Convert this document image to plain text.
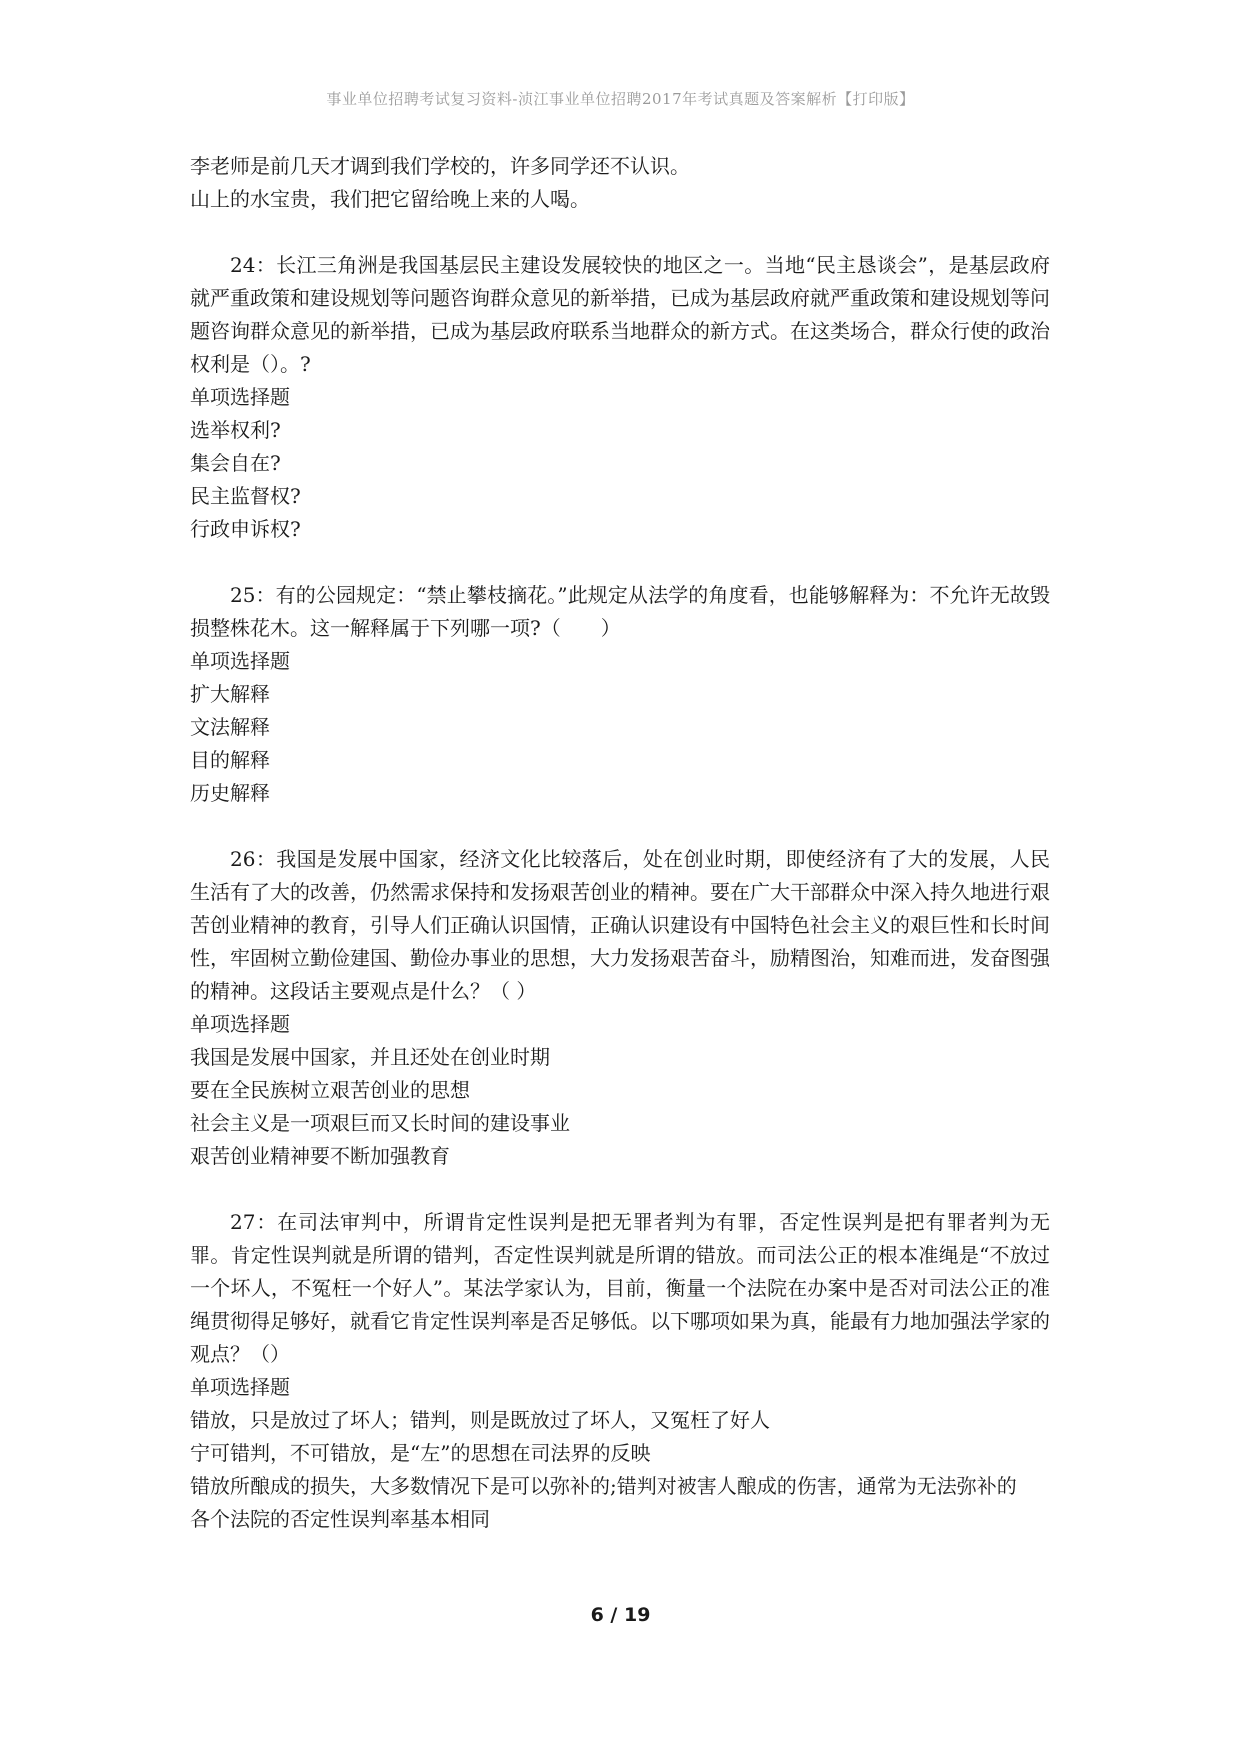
事业单位招聘考试复习资料-浈江事业单位招聘2017年考试真题及答案解析【打印版】

李老师是前几天才调到我们学校的，许多同学还不认识。

山上的水宝贵，我们把它留给晚上来的人喝。

24：长江三角洲是我国基层民主建设发展较快的地区之一。当地“民主恳谈会”，是基层政府就严重政策和建设规划等问题咨询群众意见的新举措，已成为基层政府就严重政策和建设规划等问题咨询群众意见的新举措，已成为基层政府联系当地群众的新方式。在这类场合，群众行使的政治权利是（）。?

单项选择题

选举权利?

集会自在?

民主监督权?

行政申诉权?

25：有的公园规定：“禁止攀枝摘花。”此规定从法学的角度看，也能够解释为：不允许无故毁损整株花木。这一解释属于下列哪一项?（　　）

单项选择题

扩大解释

文法解释

目的解释

历史解释

26：我国是发展中国家，经济文化比较落后，处在创业时期，即使经济有了大的发展，人民生活有了大的改善，仍然需求保持和发扬艰苦创业的精神。要在广大干部群众中深入持久地进行艰苦创业精神的教育，引导人们正确认识国情，正确认识建设有中国特色社会主义的艰巨性和长时间性，牢固树立勤俭建国、勤俭办事业的思想，大力发扬艰苦奋斗，励精图治，知难而进，发奋图强的精神。这段话主要观点是什么？（ ）

单项选择题

我国是发展中国家，并且还处在创业时期

要在全民族树立艰苦创业的思想

社会主义是一项艰巨而又长时间的建设事业

艰苦创业精神要不断加强教育

27：在司法审判中，所谓肯定性误判是把无罪者判为有罪，否定性误判是把有罪者判为无罪。肯定性误判就是所谓的错判，否定性误判就是所谓的错放。而司法公正的根本准绳是“不放过一个坏人，不冤枉一个好人”。某法学家认为，目前，衡量一个法院在办案中是否对司法公正的准绳贯彻得足够好，就看它肯定性误判率是否足够低。以下哪项如果为真，能最有力地加强法学家的观点？（）

单项选择题

错放，只是放过了坏人；错判，则是既放过了坏人，又冤枉了好人

宁可错判，不可错放，是“左”的思想在司法界的反映

错放所酿成的损失，大多数情况下是可以弥补的;错判对被害人酿成的伤害，通常为无法弥补的

各个法院的否定性误判率基本相同

6 / 19
